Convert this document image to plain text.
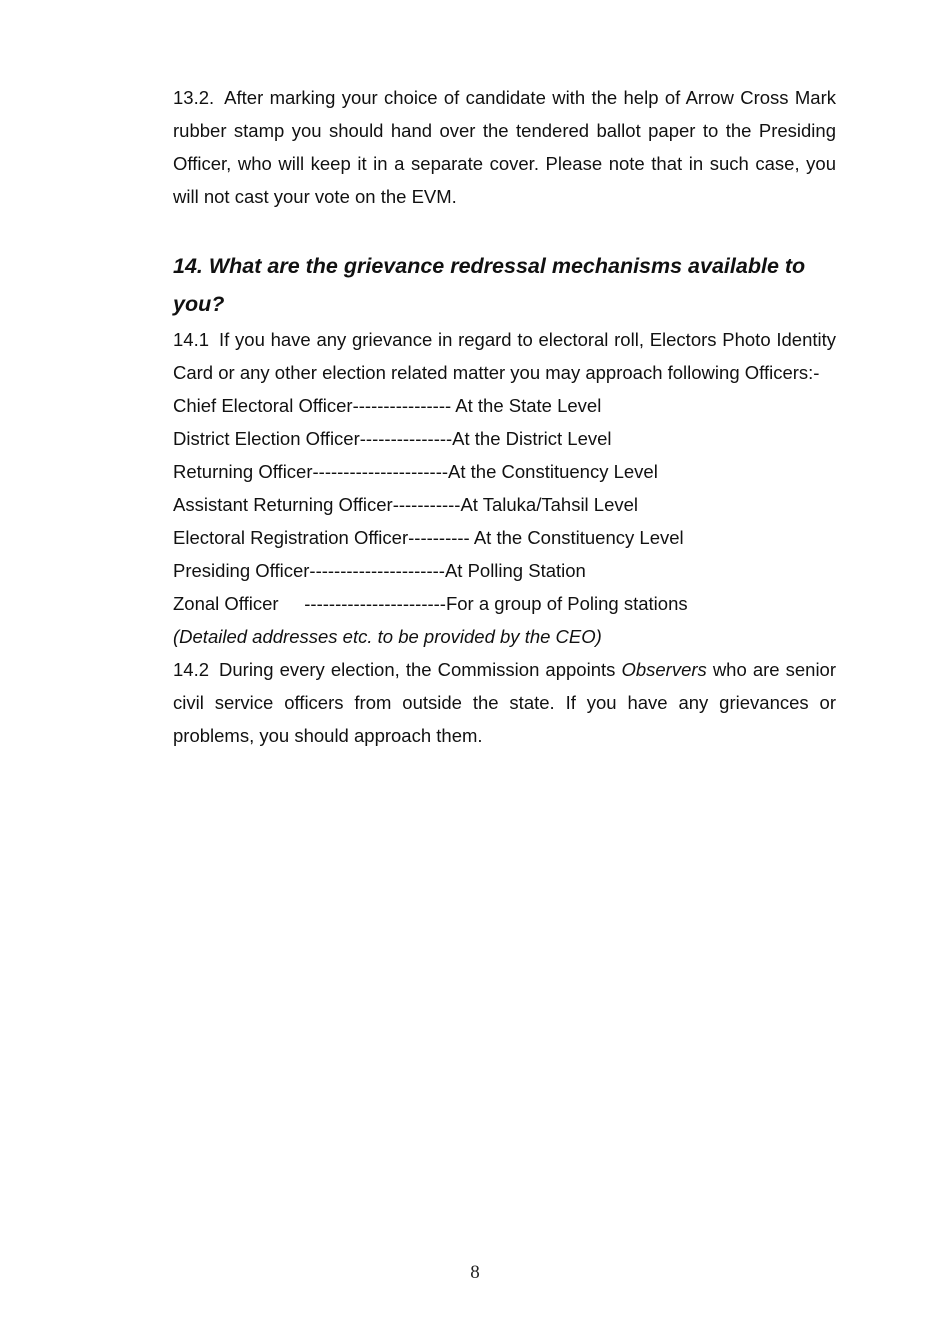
13.2. After marking your choice of candidate with the help of Arrow Cross Mark rubber stamp you should hand over the tendered ballot paper to the Presiding Officer, who will keep it in a separate cover. Please note that in such case, you will not cast your vote on the EVM.

14. What are the grievance redressal mechanisms available to you?

14.1 If you have any grievance in regard to electoral roll, Electors Photo Identity Card or any other election related matter you may approach following Officers:-

Chief Electoral Officer---------------- At the State Level
District Election Officer---------------At the District Level
Returning Officer----------------------At the Constituency Level
Assistant Returning Officer-----------At Taluka/Tahsil Level
Electoral Registration Officer---------- At the Constituency Level
Presiding Officer----------------------At Polling Station
Zonal Officer     -----------------------For a group of Poling stations

(Detailed addresses etc. to be provided by the CEO)

14.2 During every election, the Commission appoints Observers who are senior civil service officers from outside the state. If you have any grievances or problems, you should approach them.

8
